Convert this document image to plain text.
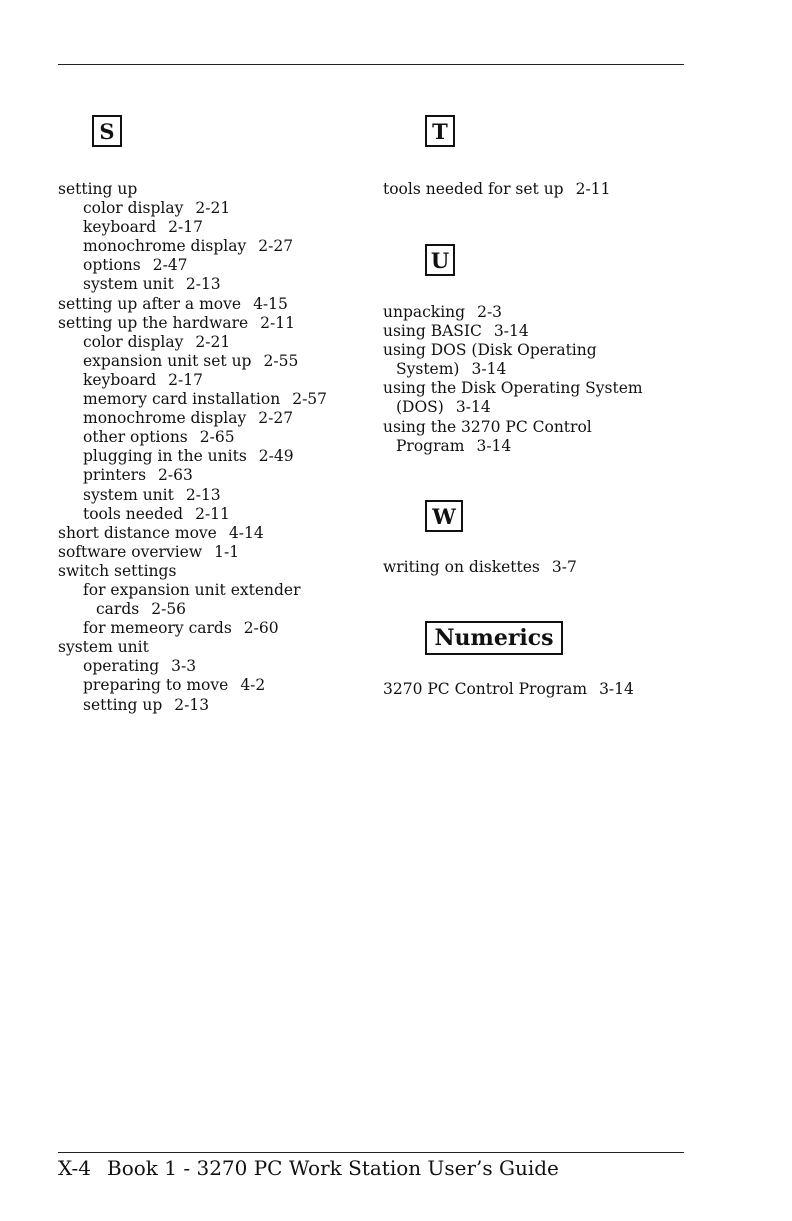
S
setting up
color display 2-21
keyboard 2-17
monochrome display 2-27
options 2-47
system unit 2-13
setting up after a move 4-15
setting up the hardware 2-11
color display 2-21
expansion unit set up 2-55
keyboard 2-17
memory card installation 2-57
monochrome display 2-27
other options 2-65
plugging in the units 2-49
printers 2-63
system unit 2-13
tools needed 2-11
short distance move 4-14
software overview 1-1
switch settings
for expansion unit extender
cards 2-56
for memeory cards 2-60
system unit
operating 3-3
preparing to move 4-2
setting up 2-13
T
tools needed for set up 2-11
U
unpacking 2-3
using BASIC 3-14
using DOS (Disk Operating
System) 3-14
using the Disk Operating System
(DOS) 3-14
using the 3270 PC Control
Program 3-14
W
writing on diskettes 3-7
Numerics
3270 PC Control Program 3-14
X-4 Book 1 - 3270 PC Work Station User’s Guide
